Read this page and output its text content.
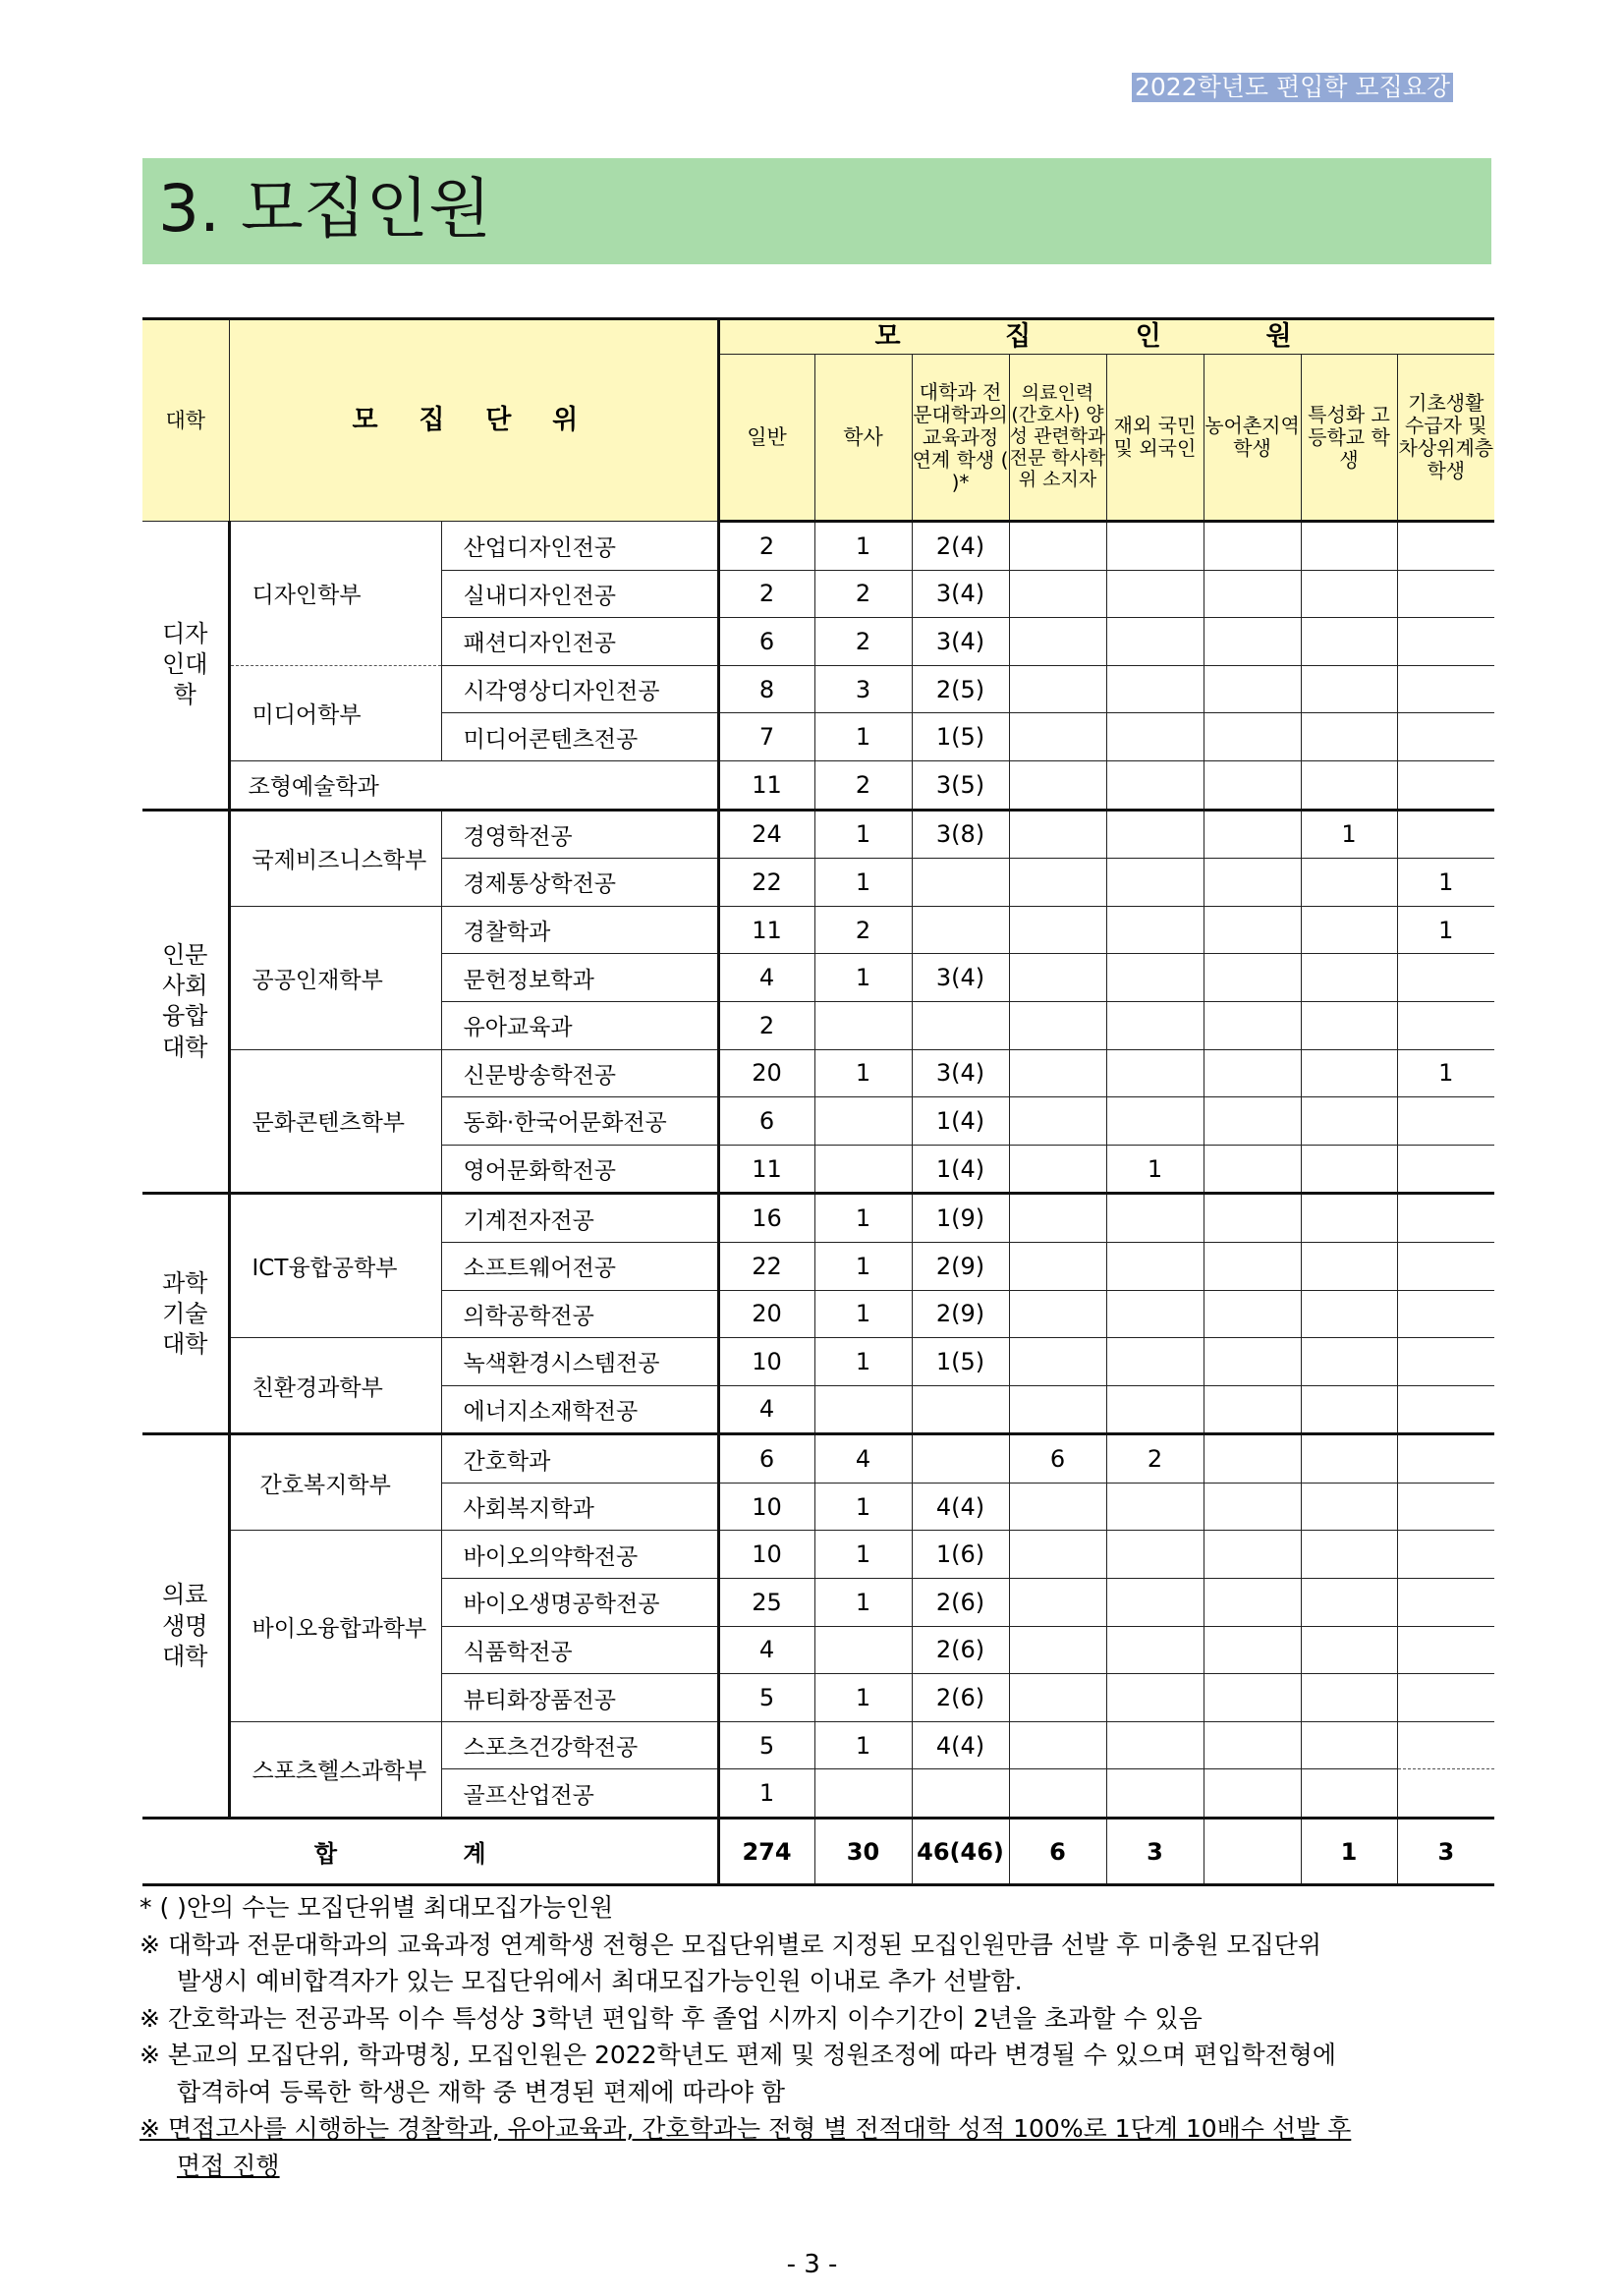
2022학년도 편입학 모집요강
3. 모집인원
대학	모 집 단 위		모 집 인 원							
			일반	학사	대학과 전문대학과의 교육과정 연계 학생 ( )*	의료인력 (간호사) 양성 관련학과 전문 학사학위 소지자	재외 국민 및 외국인	농어촌지역 학생	특성화 고등학교 학생	기초생활 수급자 및 차상위계층 학생
디자인대학	디자인학부	산업디자인전공	2	1	2(4)					
		실내디자인전공	2	2	3(4)					
		패션디자인전공	6	2	3(4)					
	미디어학부	시각영상디자인전공	8	3	2(5)					
		미디어콘텐츠전공	7	1	1(5)					
	조형예술학과		11	2	3(5)					
인문사회융합대학	국제비즈니스학부	경영학전공	24	1	3(8)				1	
		경제통상학전공	22	1						1
	공공인재학부	경찰학과	11	2						1
		문헌정보학과	4	1	3(4)					
		유아교육과	2							
	문화콘텐츠학부	신문방송학전공	20	1	3(4)					1
		동화·한국어문화전공	6		1(4)					
		영어문화학전공	11		1(4)		1			
과학기술대학	ICT융합공학부	기계전자전공	16	1	1(9)					
		소프트웨어전공	22	1	2(9)					
		의학공학전공	20	1	2(9)					
	친환경과학부	녹색환경시스템전공	10	1	1(5)					
		에너지소재학전공	4							
의료생명대학	간호복지학부	간호학과	6	4		6	2			
		사회복지학과	10	1	4(4)					
	바이오융합과학부	바이오의약학전공	10	1	1(6)					
		바이오생명공학전공	25	1	2(6)					
		식품학전공	4		2(6)					
		뷰티화장품전공	5	1	2(6)					
	스포츠헬스과학부	스포츠건강학전공	5	1	4(4)					
		골프산업전공	1							
합 계			274	30	46(46)	6	3		1	3

* ( )안의 수는 모집단위별 최대모집가능인원

※ 대학과 전문대학과의 교육과정 연계학생 전형은 모집단위별로 지정된 모집인원만큼 선발 후 미충원 모집단위

발생시 예비합격자가 있는 모집단위에서 최대모집가능인원 이내로 추가 선발함.

※ 간호학과는 전공과목 이수 특성상 3학년 편입학 후 졸업 시까지 이수기간이 2년을 초과할 수 있음

※ 본교의 모집단위, 학과명칭, 모집인원은 2022학년도 편제 및 정원조정에 따라 변경될 수 있으며 편입학전형에

합격하여 등록한 학생은 재학 중 변경된 편제에 따라야 함

※ 면접고사를 시행하는 경찰학과, 유아교육과, 간호학과는 전형 별 전적대학 성적 100%로 1단계 10배수 선발 후

면접 진행

- 3 -
